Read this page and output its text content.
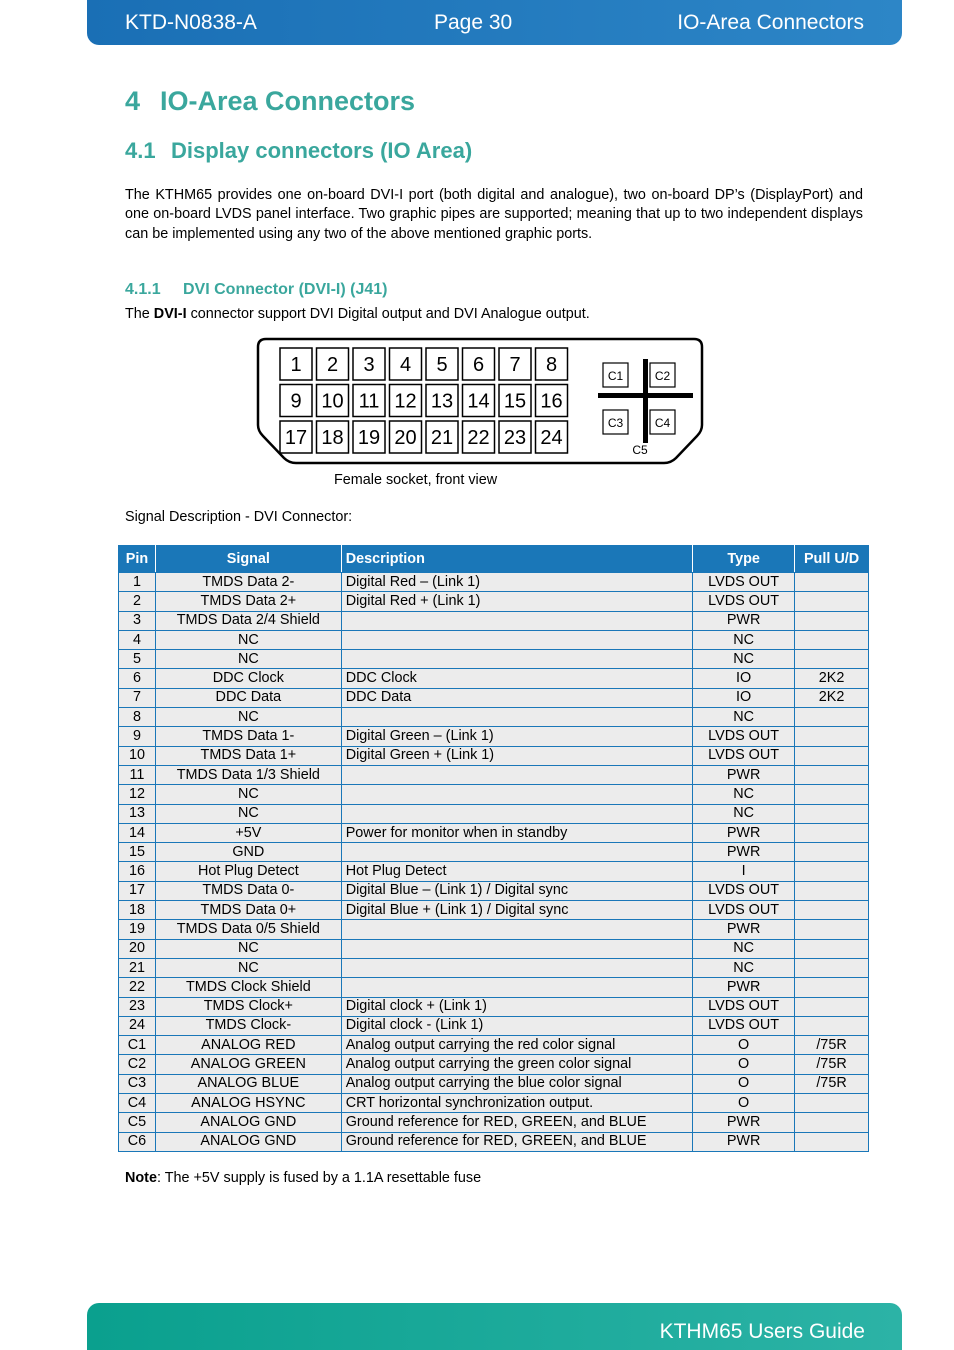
KTD-N0838-A	Page 30	IO-Area Connectors
4 IO-Area Connectors
4.1 Display connectors (IO Area)

The KTHM65 provides one on-board DVI-I port (both digital and analogue), two on-board DP’s (DisplayPort) and one on-board LVDS panel interface. Two graphic pipes are supported; meaning that up to two independent displays can be implemented using any two of the above mentioned graphic ports.

4.1.1 DVI Connector (DVI-I) (J41)

The DVI-I connector support DVI Digital output and DVI Analogue output.

1 2 3 4 5 6 7 8
9 10 11 12 13 14 15 16
17 18 19 20 21 22 23 24
C1	C2
C3	C4
C5

Female socket, front view

Signal Description - DVI Connector:

Pin	Signal	Description	Type	Pull U/D
1	TMDS Data 2-	Digital Red – (Link 1)	LVDS OUT	
2	TMDS Data 2+	Digital Red + (Link 1)	LVDS OUT	
3	TMDS Data 2/4 Shield		PWR	
4	NC		NC	
5	NC		NC	
6	DDC Clock	DDC Clock	IO	2K2
7	DDC Data	DDC Data	IO	2K2
8	NC		NC	
9	TMDS Data 1-	Digital Green – (Link 1)	LVDS OUT	
10	TMDS Data 1+	Digital Green + (Link 1)	LVDS OUT	
11	TMDS Data 1/3 Shield		PWR	
12	NC		NC	
13	NC		NC	
14	+5V	Power for monitor when in standby	PWR	
15	GND		PWR	
16	Hot Plug Detect	Hot Plug Detect	I	
17	TMDS Data 0-	Digital Blue – (Link 1) / Digital sync	LVDS OUT	
18	TMDS Data 0+	Digital Blue + (Link 1) / Digital sync	LVDS OUT	
19	TMDS Data 0/5 Shield		PWR	
20	NC		NC	
21	NC		NC	
22	TMDS Clock Shield		PWR	
23	TMDS Clock+	Digital clock + (Link 1)	LVDS OUT	
24	TMDS Clock-	Digital clock - (Link 1)	LVDS OUT	
C1	ANALOG RED	Analog output carrying the red color signal	O	/75R
C2	ANALOG GREEN	Analog output carrying the green color signal	O	/75R
C3	ANALOG BLUE	Analog output carrying the blue color signal	O	/75R
C4	ANALOG HSYNC	CRT horizontal synchronization output.	O	
C5	ANALOG GND	Ground reference for RED, GREEN, and BLUE	PWR	
C6	ANALOG GND	Ground reference for RED, GREEN, and BLUE	PWR	

Note: The +5V supply is fused by a 1.1A resettable fuse

KTHM65 Users Guide
